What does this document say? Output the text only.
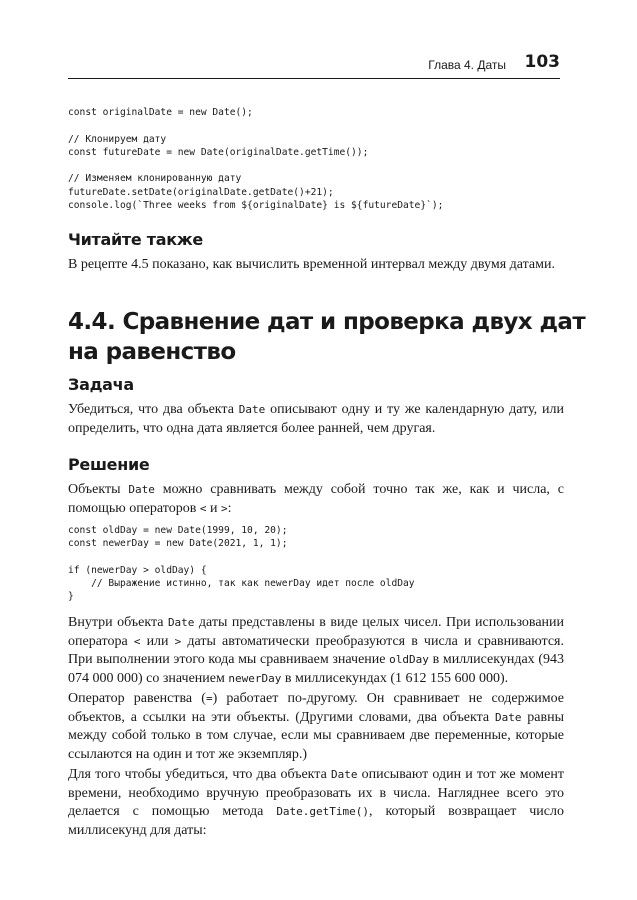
Глава 4. Даты 103
const originalDate = new Date();

// Клонируем дату
const futureDate = new Date(originalDate.getTime());

// Изменяем клонированную дату
futureDate.setDate(originalDate.getDate()+21);
console.log(`Three weeks from ${originalDate} is ${futureDate}`);
Читайте также

В рецепте 4.5 показано, как вычислить временной интервал между двумя датами.

4.4. Сравнение дат и проверка двух дат
на равенство
Задача

Убедиться, что два объекта Date описывают одну и ту же календарную дату, или определить, что одна дата является более ранней, чем другая.

Решение

Объекты Date можно сравнивать между собой точно так же, как и числа, с помощью операторов < и >:

const oldDay = new Date(1999, 10, 20);
const newerDay = new Date(2021, 1, 1);

if (newerDay > oldDay) {
// Выражение истинно, так как newerDay идет после oldDay
}

Внутри объекта Date даты представлены в виде целых чисел. При использовании оператора < или > даты автоматически преобразуются в числа и сравниваются. При выполнении этого кода мы сравниваем значение oldDay в миллисекундах (943 074 000 000) со значением newerDay в миллисекундах (1 612 155 600 000).

Оператор равенства (=) работает по-другому. Он сравнивает не содержимое объектов, а ссылки на эти объекты. (Другими словами, два объекта Date равны между собой только в том случае, если мы сравниваем две переменные, которые ссылаются на один и тот же экземпляр.)

Для того чтобы убедиться, что два объекта Date описывают один и тот же момент времени, необходимо вручную преобразовать их в числа. Нагляднее всего это делается с помощью метода Date.getTime(), который возвращает число миллисекунд для даты:
